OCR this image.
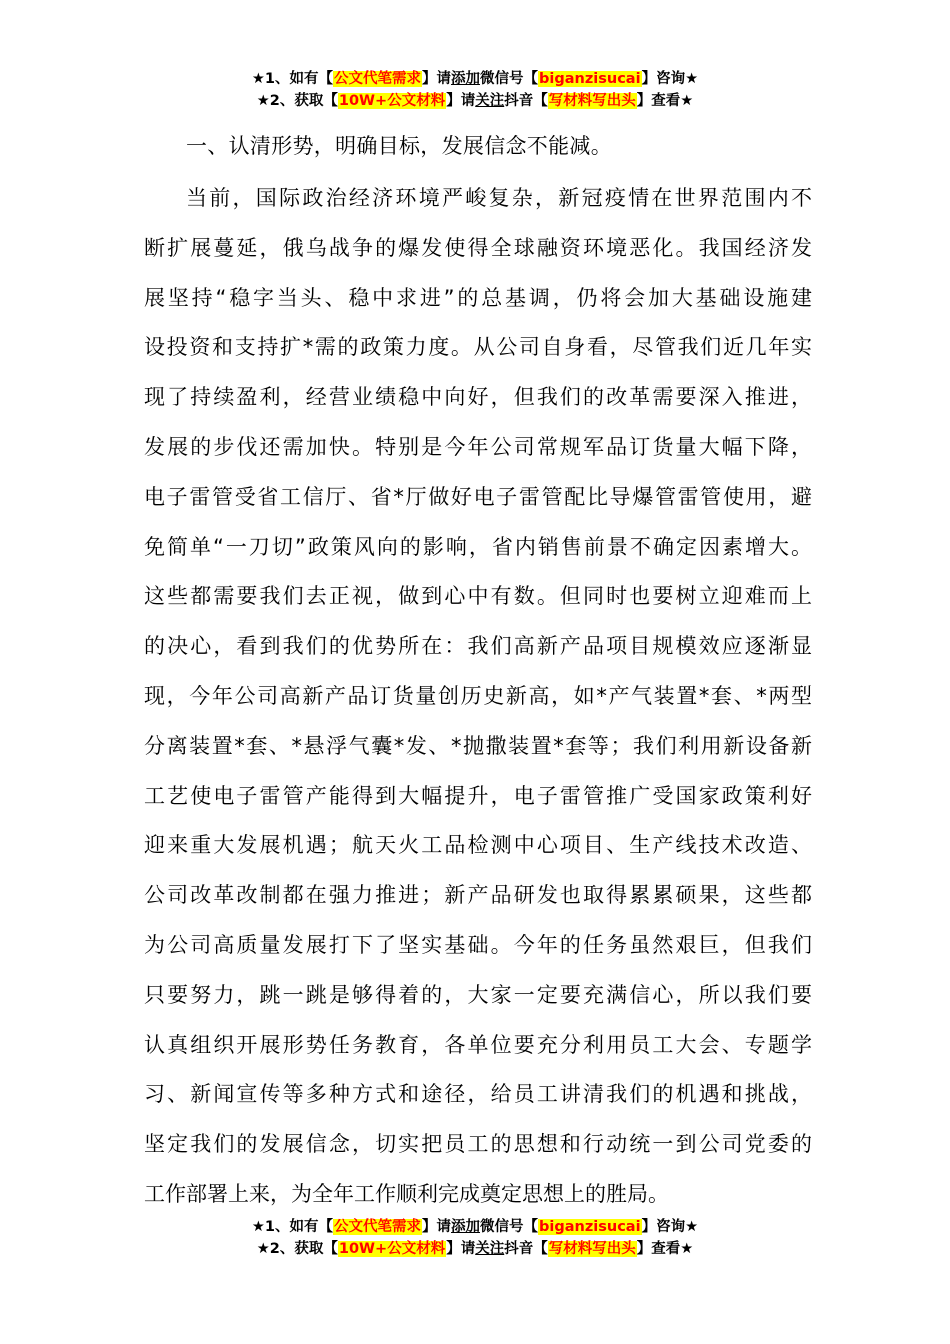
★1、如有【公文代笔需求】请添加微信号【biganzisucai】咨询★
★2、获取【10W+公文材料】请关注抖音【写材料写出头】查看★

一、认清形势，明确目标，发展信念不能减。

当前，国际政治经济环境严峻复杂，新冠疫情在世界范围内不
断扩展蔓延，俄乌战争的爆发使得全球融资环境恶化。我国经济发
展坚持“稳字当头、稳中求进”的总基调，仍将会加大基础设施建
设投资和支持扩*需的政策力度。从公司自身看，尽管我们近几年实
现了持续盈利，经营业绩稳中向好，但我们的改革需要深入推进，
发展的步伐还需加快。特别是今年公司常规军品订货量大幅下降，
电子雷管受省工信厅、省*厅做好电子雷管配比导爆管雷管使用，避
免简单“一刀切”政策风向的影响，省内销售前景不确定因素增大。
这些都需要我们去正视，做到心中有数。但同时也要树立迎难而上
的决心，看到我们的优势所在：我们高新产品项目规模效应逐渐显
现，今年公司高新产品订货量创历史新高，如*产气装置*套、*两型
分离装置*套、*悬浮气囊*发、*抛撒装置*套等；我们利用新设备新
工艺使电子雷管产能得到大幅提升，电子雷管推广受国家政策利好
迎来重大发展机遇；航天火工品检测中心项目、生产线技术改造、
公司改革改制都在强力推进；新产品研发也取得累累硕果，这些都
为公司高质量发展打下了坚实基础。今年的任务虽然艰巨，但我们
只要努力，跳一跳是够得着的，大家一定要充满信心，所以我们要
认真组织开展形势任务教育，各单位要充分利用员工大会、专题学
习、新闻宣传等多种方式和途径，给员工讲清我们的机遇和挑战，
坚定我们的发展信念，切实把员工的思想和行动统一到公司党委的
工作部署上来，为全年工作顺利完成奠定思想上的胜局。
★1、如有【公文代笔需求】请添加微信号【biganzisucai】咨询★
★2、获取【10W+公文材料】请关注抖音【写材料写出头】查看★
